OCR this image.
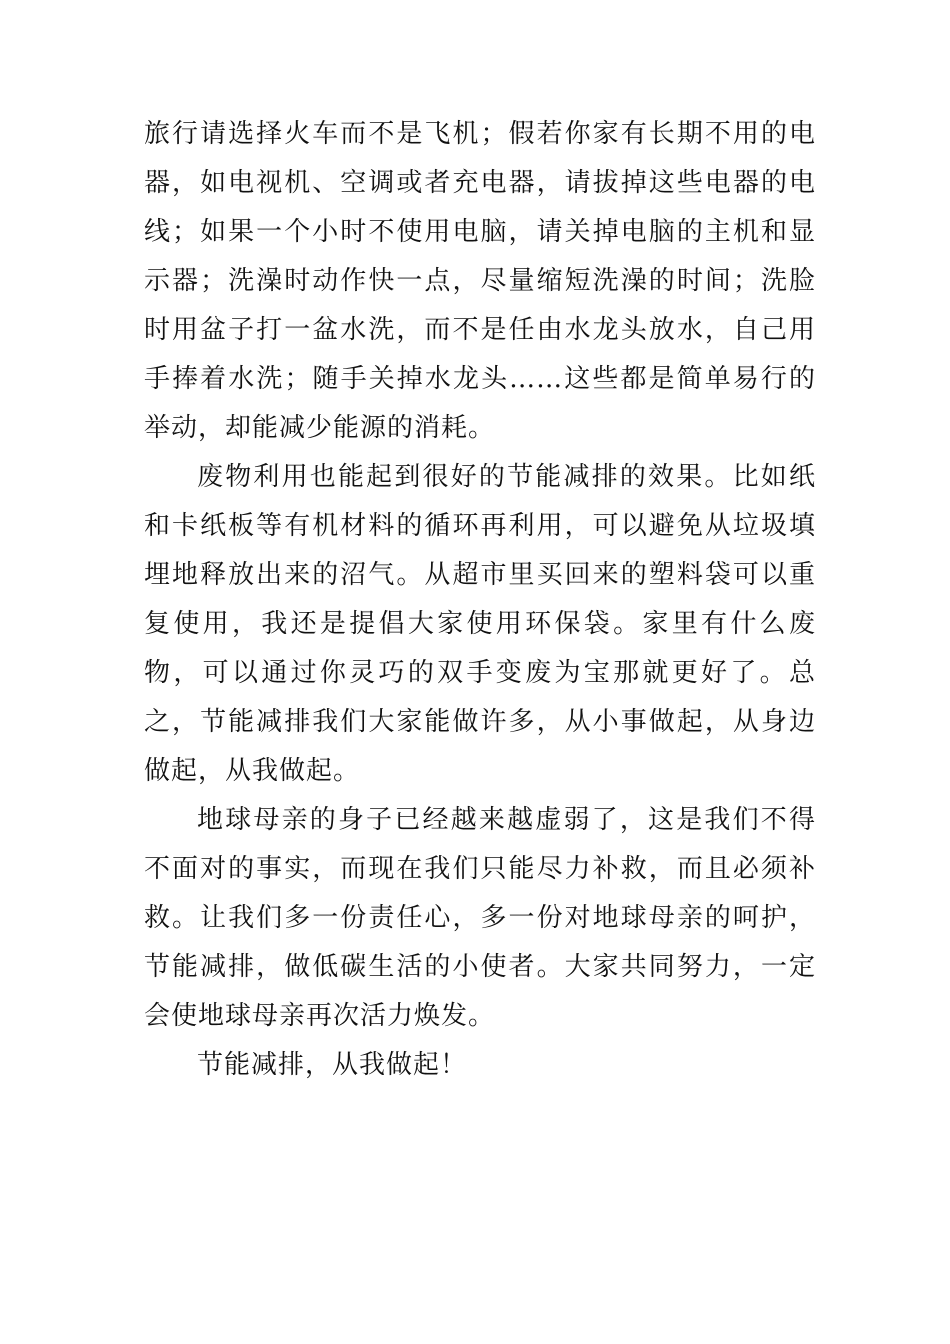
旅行请选择火车而不是飞机；假若你家有长期不用的电器，如电视机、空调或者充电器，请拔掉这些电器的电线；如果一个小时不使用电脑，请关掉电脑的主机和显示器；洗澡时动作快一点，尽量缩短洗澡的时间；洗脸时用盆子打一盆水洗，而不是任由水龙头放水，自己用手捧着水洗；随手关掉水龙头……这些都是简单易行的举动，却能减少能源的消耗。

废物利用也能起到很好的节能减排的效果。比如纸和卡纸板等有机材料的循环再利用，可以避免从垃圾填埋地释放出来的沼气。从超市里买回来的塑料袋可以重复使用，我还是提倡大家使用环保袋。家里有什么废物，可以通过你灵巧的双手变废为宝那就更好了。总之，节能减排我们大家能做许多，从小事做起，从身边做起，从我做起。

地球母亲的身子已经越来越虚弱了，这是我们不得不面对的事实，而现在我们只能尽力补救，而且必须补救。让我们多一份责任心，多一份对地球母亲的呵护，节能减排，做低碳生活的小使者。大家共同努力，一定会使地球母亲再次活力焕发。

节能减排，从我做起！
